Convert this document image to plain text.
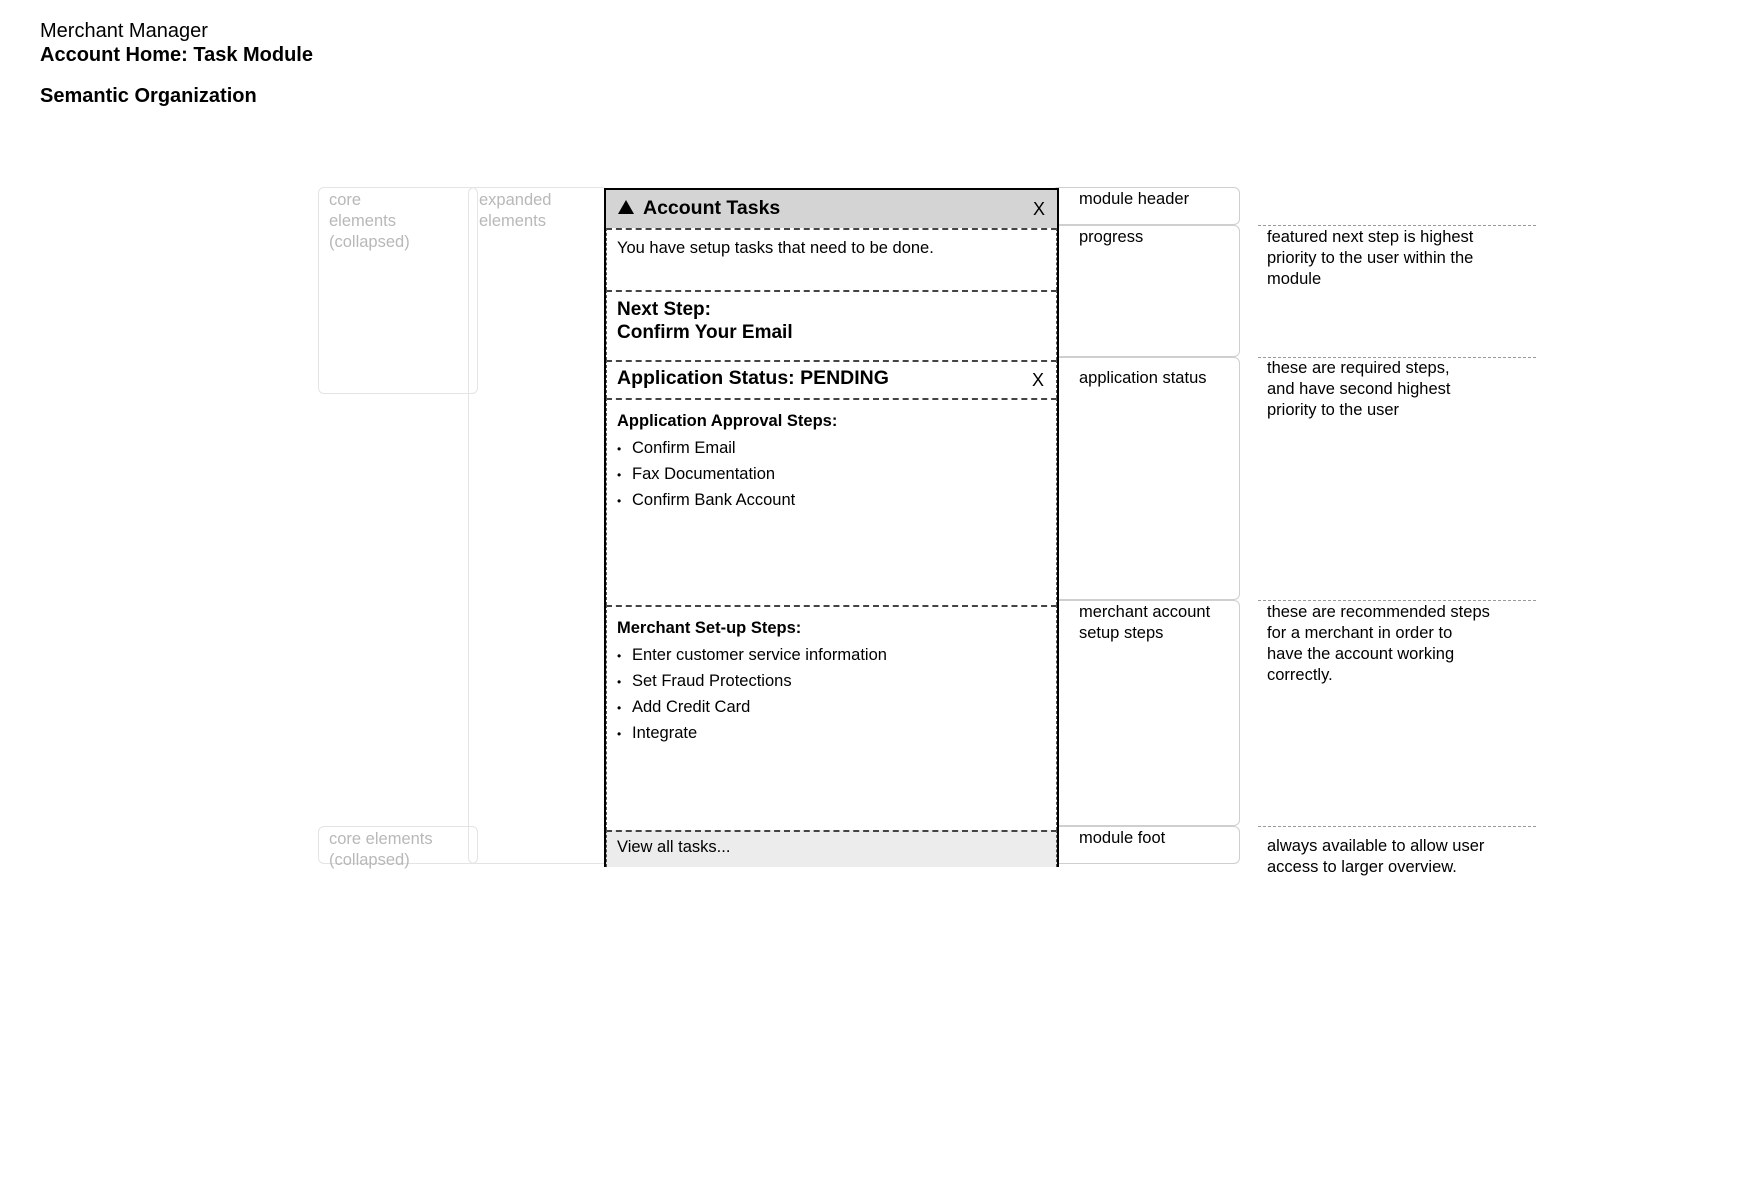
Merchant Manager
Account Home: Task Module
Semantic Organization
core
elements
(collapsed)
expanded
elements
core elements
(collapsed)
module header
progress
application status
merchant account
setup steps
module foot
featured next step is highest
priority to the user within the
module
these are required steps,
and have second highest
priority to the user
these are recommended steps
for a merchant in order to
have the account working
correctly.
always available to allow user
access to larger overview.
Account Tasks	X
You have setup tasks that need to be done.
Next Step:
Confirm Your Email
Application Status: PENDING	X
Application Approval Steps:
• Confirm Email
• Fax Documentation
• Confirm Bank Account
Merchant Set-up Steps:
• Enter customer service information
• Set Fraud Protections
• Add Credit Card
• Integrate
View all tasks...
